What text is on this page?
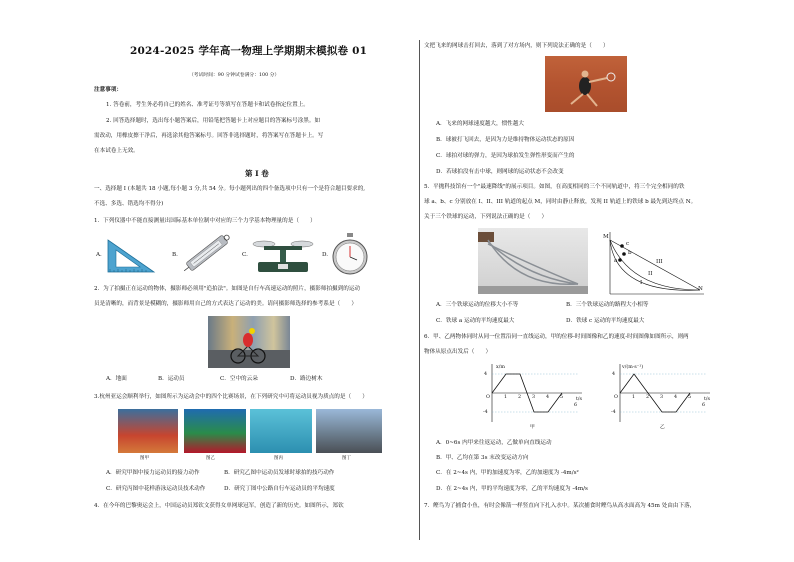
2024-2025 学年高一物理上学期期末模拟卷 01
（考试时间：90 分钟试卷满分：100 分）
注意事项：
1. 答卷前，考生务必将自己的姓名、准考证号等填写在答题卡和试卷指定位置上。
2. 回答选择题时，选出每小题答案后，用铅笔把答题卡上对应题目的答案标号涂黑。如
需改动，用橡皮擦干净后，再选涂其他答案标号。回答非选择题时，将答案写在答题卡上。写
在本试卷上无效。
第 I 卷
一、选择题 I (本题共 18 小题,每小题 3 分,共 54 分。每小题列出的四个备选项中只有一个是符合题目要求的,
不选、多选、错选均不得分)
1．下列仪器中不能直接测量出国际基本单位制中对应的三个力学基本物理量的是（　　）
A.	B.	C.	D.
2．为了拍摄正在运动的物体，摄影师必须用"追拍法"。如图是自行车高速运动的照片，摄影师拍摄到的运动
员是清晰的，而背景是模糊的，摄影师用自己的方式表达了运动的美。请问摄影师选择的参考系是（　　）
A．地面	B．运动员	C．空中的云朵	D．路边树木
3.杭州亚运会顺利举行，如图所示为运动会中的四个比赛场景，在下列研究中可将运动员视为质点的是（　　）
图甲	图乙	图丙	图丁
A．研究甲图中接力运动员的接力动作	B．研究乙图中运动员发球时球拍的技巧动作
C．研究丙图中花样游泳运动员技术动作	D．研究丁图中公路自行车运动员的平均速度
4．在今年的巴黎奥运会上，中国运动员郑钦文获得女单网球冠军，创造了新的历史。如图所示，郑钦
文把飞来的网球击打回去，落到了对方场内，则下列说法正确的是（　　）
A．飞来的网球速度越大，惯性越大
B．球被打飞回去，是因为力是维持物体运动状态的原因
C．球拍对球的弹力，是因为球拍发生弹性形变而产生的
D．若球拍没有击中球，则网球的运动状态不会改变
5．平抛科技馆有一个"最速降线"的展示项目。如图，在高度相同的三个不同轨道中，将三个完全相同的铁
球 a、b、c 分别放在 I、II、III 轨道的起点 M，同时由静止释放，发现 II 轨道上的铁球 b 最先到达终点 N。
关于三个铁球的运动，下列说法正确的是（　　）
M
N
c
b
a	III
II
I
A．三个铁球运动的位移大小不等	B．三个铁球运动的路程大小相等
C．铁球 a 运动的平均速度最大	D．铁球 c 运动的平均速度最大
6．甲、乙两物体同时从同一位置沿同一直线运动，甲的位移-时间图像和乙的速度-时间图像如图所示，则两
物体从原点出发后（　　）
x/m
t/s
4
-4
O	1 2 3 4 5
6
甲
v/(m·s⁻¹)
t/s
4
-4
O	1 2 3 4 5
6
乙
A．0~6s 内甲来往返运动，乙做单向直线运动
B．甲、乙均在第 3s 末改变运动方向
C．在 2~4s 内，甲的加速度为零，乙的加速度为 -4m/s²
D．在 2~4s 内，甲的平均速度为零，乙的平均速度为 -4m/s
7．鲣鸟为了捕食小鱼，有时会像箭一样竖直向下扎入水中。某次捕食时鲣鸟从高水面高为 45m 处由由下落，
